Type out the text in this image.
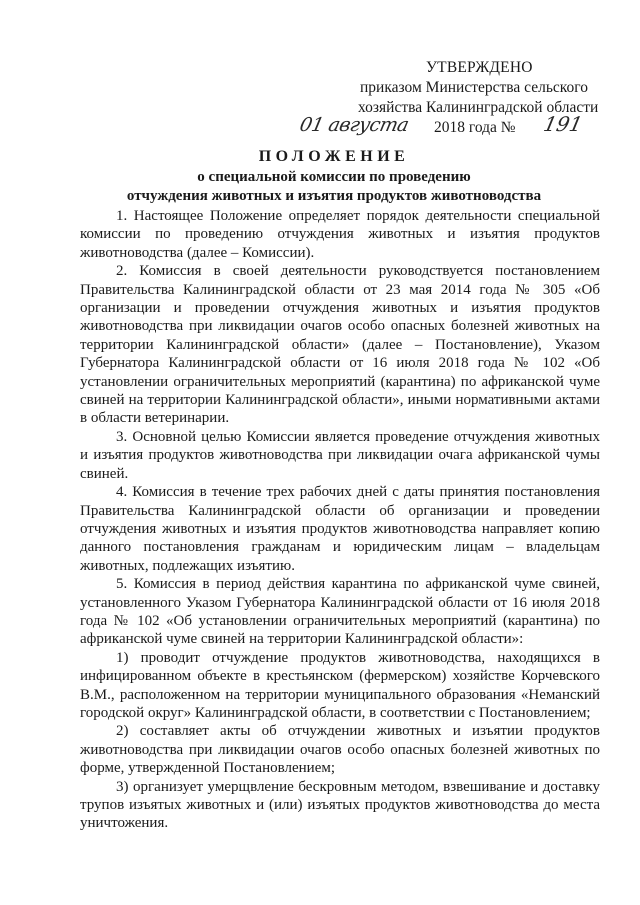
УТВЕРЖДЕНО
приказом Министерства сельского
хозяйства Калининградской области
01 августа 2018 года № 191
ПОЛОЖЕНИЕ
о специальной комиссии по проведению
отчуждения животных и изъятия продуктов животноводства

1. Настоящее Положение определяет порядок деятельности специальной комиссии по проведению отчуждения животных и изъятия продуктов животноводства (далее – Комиссии).

2. Комиссия в своей деятельности руководствуется постановлением Правительства Калининградской области от 23 мая 2014 года № 305 «Об организации и проведении отчуждения животных и изъятия продуктов животноводства при ликвидации очагов особо опасных болезней животных на территории Калининградской области» (далее – Постановление), Указом Губернатора Калининградской области от 16 июля 2018 года № 102 «Об установлении ограничительных мероприятий (карантина) по африканской чуме свиней на территории Калининградской области», иными нормативными актами в области ветеринарии.

3. Основной целью Комиссии является проведение отчуждения животных и изъятия продуктов животноводства при ликвидации очага африканской чумы свиней.

4. Комиссия в течение трех рабочих дней с даты принятия постановления Правительства Калининградской области об организации и проведении отчуждения животных и изъятия продуктов животноводства направляет копию данного постановления гражданам и юридическим лицам – владельцам животных, подлежащих изъятию.

5. Комиссия в период действия карантина по африканской чуме свиней, установленного Указом Губернатора Калининградской области от 16 июля 2018 года № 102 «Об установлении ограничительных мероприятий (карантина) по африканской чуме свиней на территории Калининградской области»:

1) проводит отчуждение продуктов животноводства, находящихся в инфицированном объекте в крестьянском (фермерском) хозяйстве Корчевского В.М., расположенном на территории муниципального образования «Неманский городской округ» Калининградской области, в соответствии с Постановлением;

2) составляет акты об отчуждении животных и изъятии продуктов животноводства при ликвидации очагов особо опасных болезней животных по форме, утвержденной Постановлением;

3) организует умерщвление бескровным методом, взвешивание и доставку трупов изъятых животных и (или) изъятых продуктов животноводства до места уничтожения.
